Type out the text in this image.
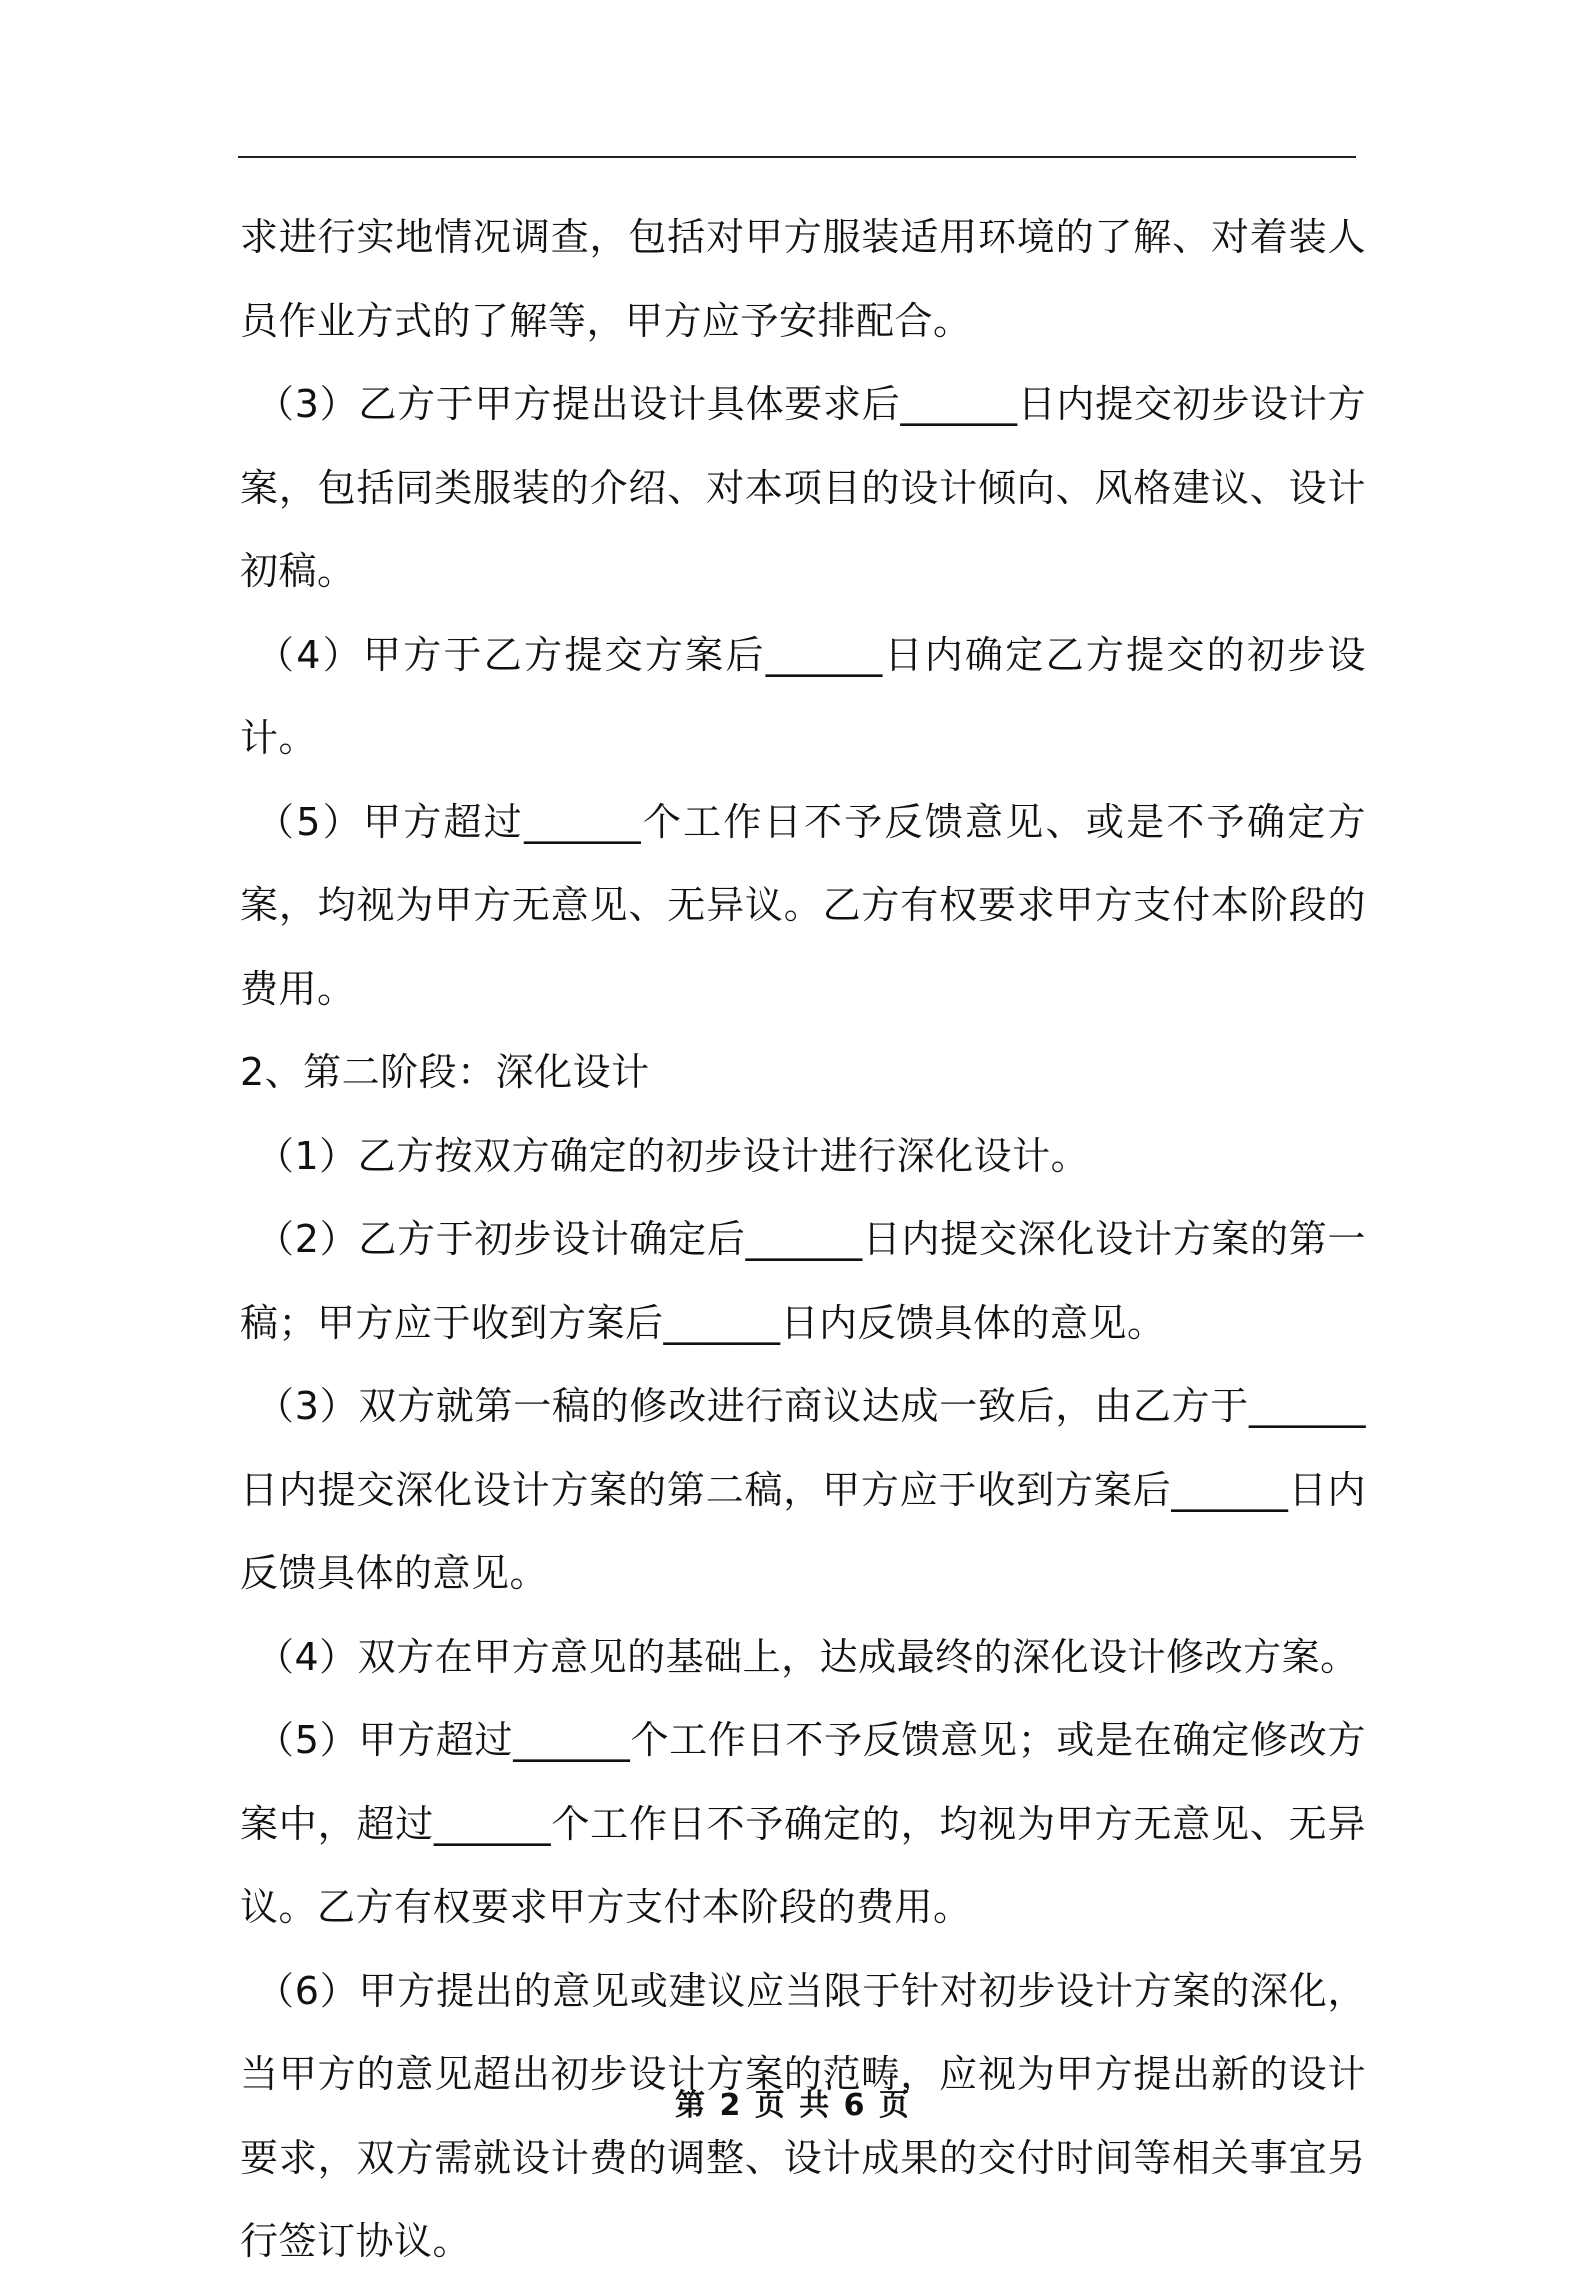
求进行实地情况调查，包括对甲方服装适用环境的了解、对着装人员作业方式的了解等，甲方应予安排配合。

（3）乙方于甲方提出设计具体要求后______日内提交初步设计方案，包括同类服装的介绍、对本项目的设计倾向、风格建议、设计初稿。

（4）甲方于乙方提交方案后______日内确定乙方提交的初步设计。

（5）甲方超过______个工作日不予反馈意见、或是不予确定方案，均视为甲方无意见、无异议。乙方有权要求甲方支付本阶段的费用。

2、第二阶段：深化设计

（1）乙方按双方确定的初步设计进行深化设计。

（2）乙方于初步设计确定后______日内提交深化设计方案的第一稿；甲方应于收到方案后______日内反馈具体的意见。

（3）双方就第一稿的修改进行商议达成一致后，由乙方于______日内提交深化设计方案的第二稿，甲方应于收到方案后______日内反馈具体的意见。

（4）双方在甲方意见的基础上，达成最终的深化设计修改方案。

（5）甲方超过______个工作日不予反馈意见；或是在确定修改方案中，超过______个工作日不予确定的，均视为甲方无意见、无异议。乙方有权要求甲方支付本阶段的费用。

（6）甲方提出的意见或建议应当限于针对初步设计方案的深化，当甲方的意见超出初步设计方案的范畴，应视为甲方提出新的设计要求，双方需就设计费的调整、设计成果的交付时间等相关事宜另行签订协议。

第 2 页 共 6 页
